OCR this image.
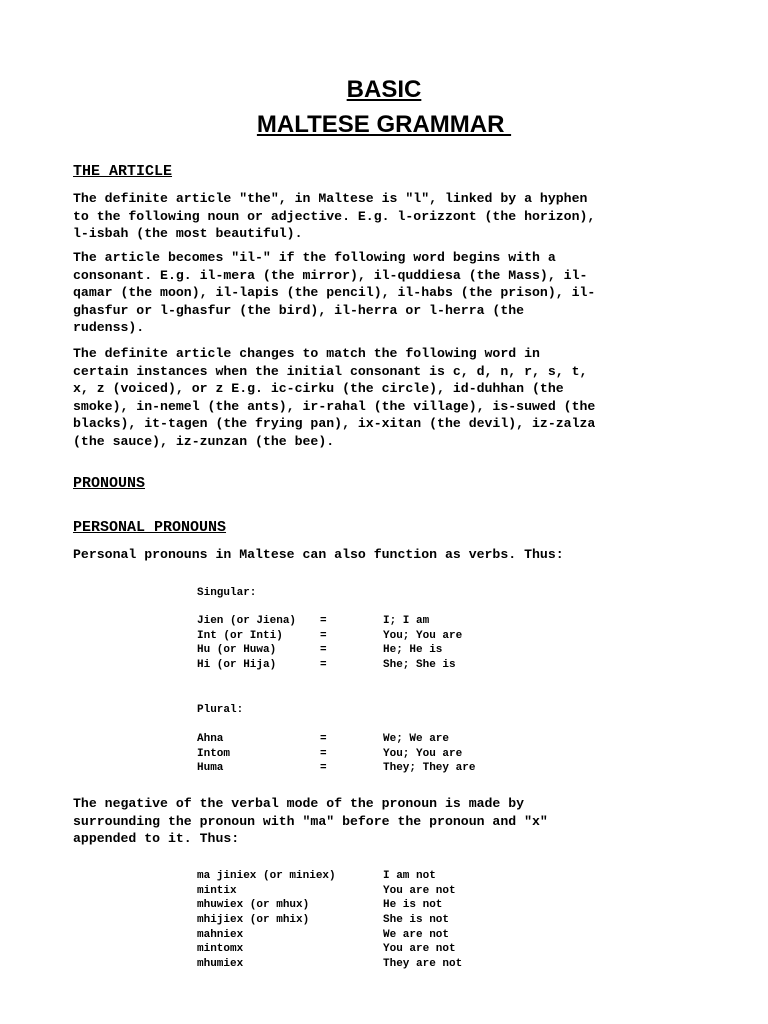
BASIC
MALTESE GRAMMAR
THE ARTICLE

The definite article "the", in Maltese is "l", linked by a hyphen
to the following noun or adjective. E.g. l-orizzont (the horizon),
l-isbah (the most beautiful).

The article becomes "il-" if the following word begins with a
consonant. E.g. il-mera (the mirror), il-quddiesa (the Mass), il-
qamar (the moon), il-lapis (the pencil), il-habs (the prison), il-
ghasfur or l-ghasfur (the bird), il-herra or l-herra (the
rudenss).

The definite article changes to match the following word in
certain instances when the initial consonant is c, d, n, r, s, t,
x, z (voiced), or z E.g. ic-cirku (the circle), id-duhhan (the
smoke), in-nemel (the ants), ir-rahal (the village), is-suwed (the
blacks), it-tagen (the frying pan), ix-xitan (the devil), iz-zalza
(the sauce), iz-zunzan (the bee).

PRONOUNS
PERSONAL PRONOUNS

Personal pronouns in Maltese can also function as verbs. Thus:

Singular:
Jien (or Jiena) =	I; I am
Int (or Inti)	=	You; You are
Hu (or Huwa)	=	He; He is
Hi (or Hija)	=	She; She is
Plural:
Ahna	=	We; We are
Intom	=	You; You are
Huma	=	They; They are

The negative of the verbal mode of the pronoun is made by
surrounding the pronoun with "ma" before the pronoun and "x"
appended to it. Thus:

ma jiniex (or miniex)	I am not
mintix	You are not
mhuwiex (or mhux)	He is not
mhijiex (or mhix)	She is not
mahniex	We are not
mintomx	You are not
mhumiex	They are not
